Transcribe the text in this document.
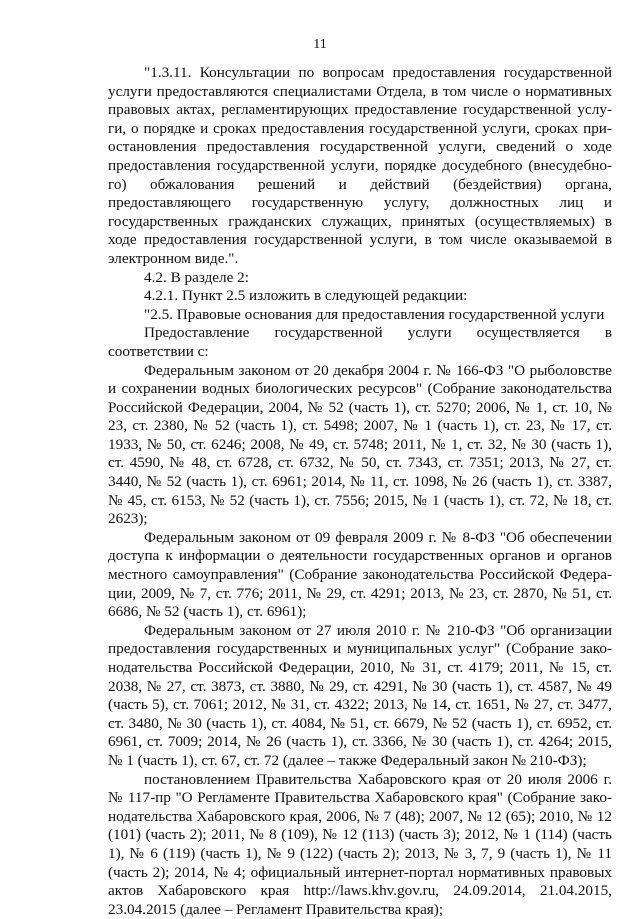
11

"1.3.11. Консультации по вопросам предоставления государственной услуги предоставляются специалистами Отдела, в том числе о нормативных правовых актах, регламентирующих предоставление государственной услуги, о порядке и сроках предоставления государственной услуги, сроках приостановления предоставления государственной услуги, сведений о ходе предоставления государственной услуги, порядке досудебного (внесудебного) обжалования решений и действий (бездействия) органа, предоставляющего государственную услугу, должностных лиц и государственных гражданских служащих, принятых (осуществляемых) в ходе предоставления государственной услуги, в том числе оказываемой в электронном виде.".

4.2. В разделе 2:

4.2.1. Пункт 2.5 изложить в следующей редакции:

"2.5. Правовые основания для предоставления государственной услуги

Предоставление государственной услуги осуществляется в соответствии с:

Федеральным законом от 20 декабря 2004 г. № 166-ФЗ "О рыболовстве и сохранении водных биологических ресурсов" (Собрание законодательства Российской Федерации, 2004, № 52 (часть 1), ст. 5270; 2006, № 1, ст. 10, № 23, ст. 2380, № 52 (часть 1), ст. 5498; 2007, № 1 (часть 1), ст. 23, № 17, ст. 1933, № 50, ст. 6246; 2008, № 49, ст. 5748; 2011, № 1, ст. 32, № 30 (часть 1), ст. 4590, № 48, ст. 6728, ст. 6732, № 50, ст. 7343, ст. 7351; 2013, № 27, ст. 3440, № 52 (часть 1), ст. 6961; 2014, № 11, ст. 1098, № 26 (часть 1), ст. 3387, № 45, ст. 6153, № 52 (часть 1), ст. 7556; 2015, № 1 (часть 1), ст. 72, № 18, ст. 2623);

Федеральным законом от 09 февраля 2009 г. № 8-ФЗ "Об обеспечении доступа к информации о деятельности государственных органов и органов местного самоуправления" (Собрание законодательства Российской Федерации, 2009, № 7, ст. 776; 2011, № 29, ст. 4291; 2013, № 23, ст. 2870, № 51, ст. 6686, № 52 (часть 1), ст. 6961);

Федеральным законом от 27 июля 2010 г. № 210-ФЗ "Об организации предоставления государственных и муниципальных услуг" (Собрание законодательства Российской Федерации, 2010, № 31, ст. 4179; 2011, № 15, ст. 2038, № 27, ст. 3873, ст. 3880, № 29, ст. 4291, № 30 (часть 1), ст. 4587, № 49 (часть 5), ст. 7061; 2012, № 31, ст. 4322; 2013, № 14, ст. 1651, № 27, ст. 3477, ст. 3480, № 30 (часть 1), ст. 4084, № 51, ст. 6679, № 52 (часть 1), ст. 6952, ст. 6961, ст. 7009; 2014, № 26 (часть 1), ст. 3366, № 30 (часть 1), ст. 4264; 2015, № 1 (часть 1), ст. 67, ст. 72 (далее – также Федеральный закон № 210-ФЗ);

постановлением Правительства Хабаровского края от 20 июля 2006 г. № 117-пр "О Регламенте Правительства Хабаровского края" (Собрание законодательства Хабаровского края, 2006, № 7 (48); 2007, № 12 (65); 2010, № 12 (101) (часть 2); 2011, № 8 (109), № 12 (113) (часть 3); 2012, № 1 (114) (часть 1), № 6 (119) (часть 1), № 9 (122) (часть 2); 2013, № 3, 7, 9 (часть 1), № 11 (часть 2); 2014, № 4; официальный интернет-портал нормативных правовых актов Хабаровского края http://laws.khv.gov.ru, 24.09.2014, 21.04.2015, 23.04.2015 (далее – Регламент Правительства края);
